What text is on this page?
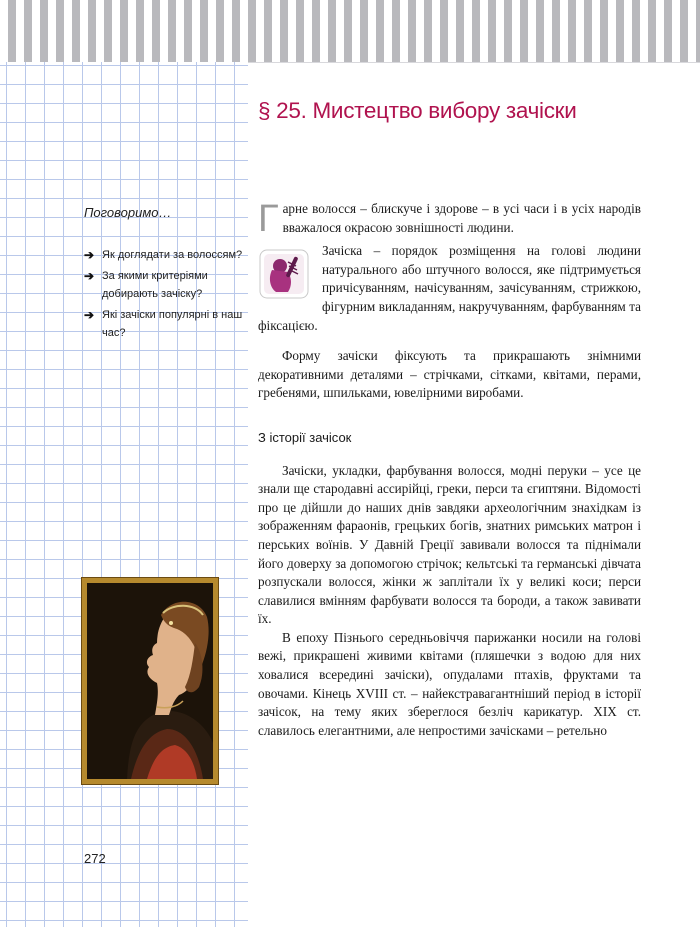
§ 25. Мистецтво вибору зачіски
Поговоримо…
➔ Як доглядати за волоссям?
➔ За якими критеріями добирають зачіску?
➔ Які зачіски популярні в наш час?
272

Гарне волосся – блискуче і здорове – в усі часи і в усіх народів вважалося окрасою зовнішності людини.

Зачіска – порядок розміщення на голові людини натурального або штучного волосся, яке підтримується причісуванням, начісуванням, зачісуванням, стрижкою, фігурним викладанням, накручуванням, фарбуванням та фіксацією.

Форму зачіски фіксують та прикрашають знімними декоративними деталями – стрічками, сітками, квітами, перами, гребенями, шпильками, ювелірними виробами.

З історії зачісок

Зачіски, укладки, фарбування волосся, модні перуки – усе це знали ще стародавні ассирійці, греки, перси та єгиптяни. Відомості про це дійшли до наших днів завдяки археологічним знахідкам із зображенням фараонів, грецьких богів, знатних римських матрон і перських воїнів. У Давній Греції завивали волосся та піднімали його доверху за допомогою стрічок; кельтські та германські дівчата розпускали волосся, жінки ж заплітали їх у великі коси; перси славилися вмінням фарбувати волосся та бороди, а також завивати їх.

В епоху Пізнього середньовіччя парижанки носили на голові вежі, прикрашені живими квітами (пляшечки з водою для них ховалися всередині зачіски), опудалами птахів, фруктами та овочами. Кінець XVIII ст. – найекстравагантніший період в історії зачісок, на тему яких збереглося безліч карикатур. XIX ст. славилось елегантними, але непростими зачісками – ретельно
